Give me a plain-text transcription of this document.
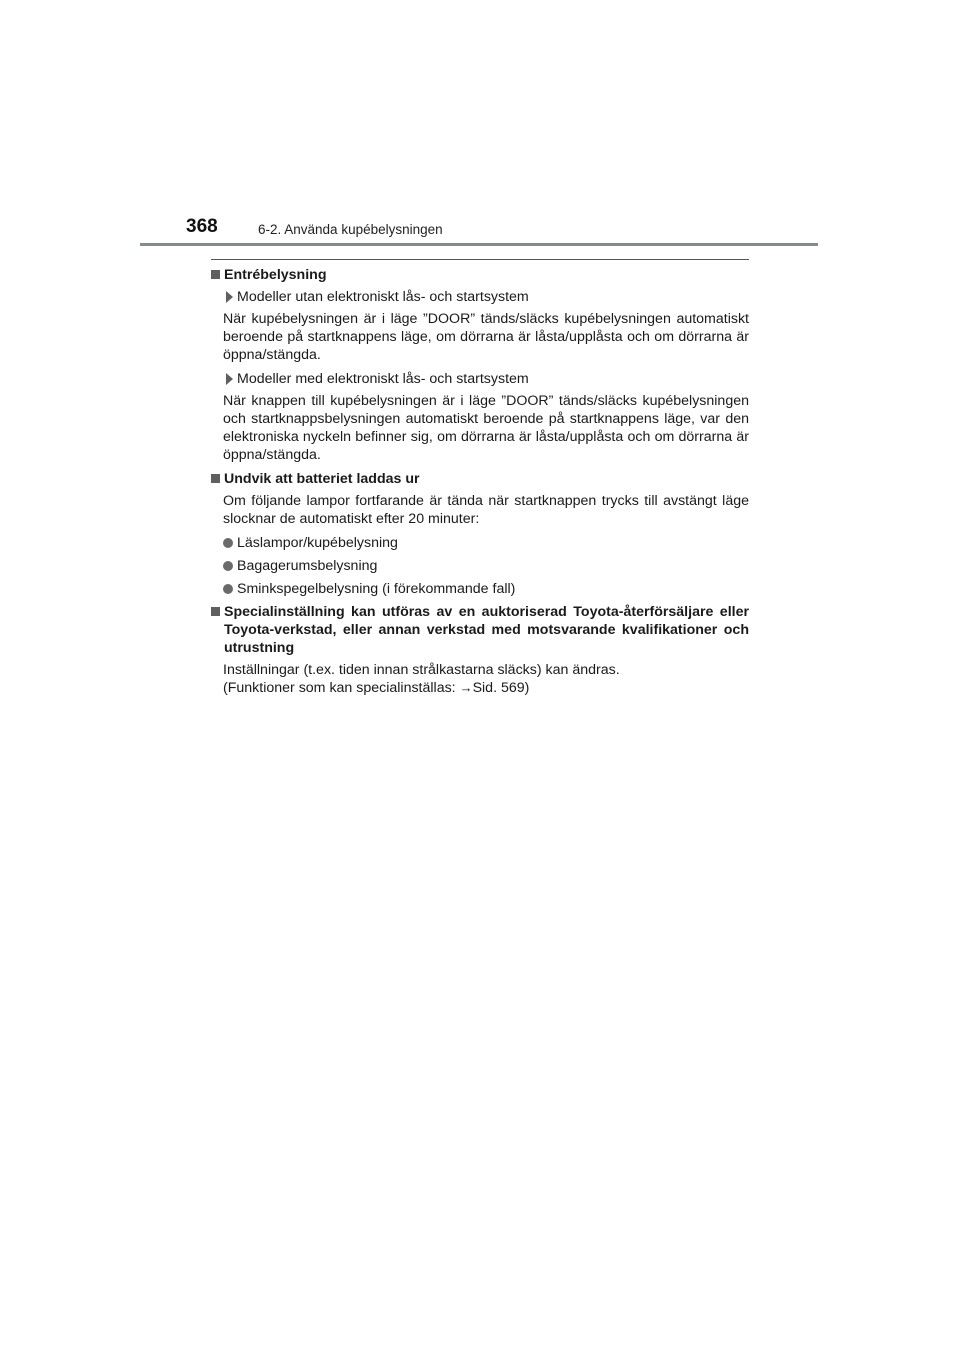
368	6-2. Använda kupébelysningen
Entrébelysning
Modeller utan elektroniskt lås- och startsystem
När kupébelysningen är i läge ”DOOR” tänds/släcks kupébelysningen automatiskt beroende på startknappens läge, om dörrarna är låsta/upplåsta och om dörrarna är öppna/stängda.
Modeller med elektroniskt lås- och startsystem
När knappen till kupébelysningen är i läge ”DOOR” tänds/släcks kupébelysningen och startknappsbelysningen automatiskt beroende på startknappens läge, var den elektroniska nyckeln befinner sig, om dörrarna är låsta/upplåsta och om dörrarna är öppna/stängda.
Undvik att batteriet laddas ur
Om följande lampor fortfarande är tända när startknappen trycks till avstängt läge slocknar de automatiskt efter 20 minuter:
Läslampor/kupébelysning
Bagagerumsbelysning
Sminkspegelbelysning (i förekommande fall)
Specialinställning kan utföras av en auktoriserad Toyota-återförsäljare eller Toyota-verkstad, eller annan verkstad med motsvarande kvalifikationer och utrustning
Inställningar (t.ex. tiden innan strålkastarna släcks) kan ändras.
(Funktioner som kan specialinställas: →Sid. 569)
